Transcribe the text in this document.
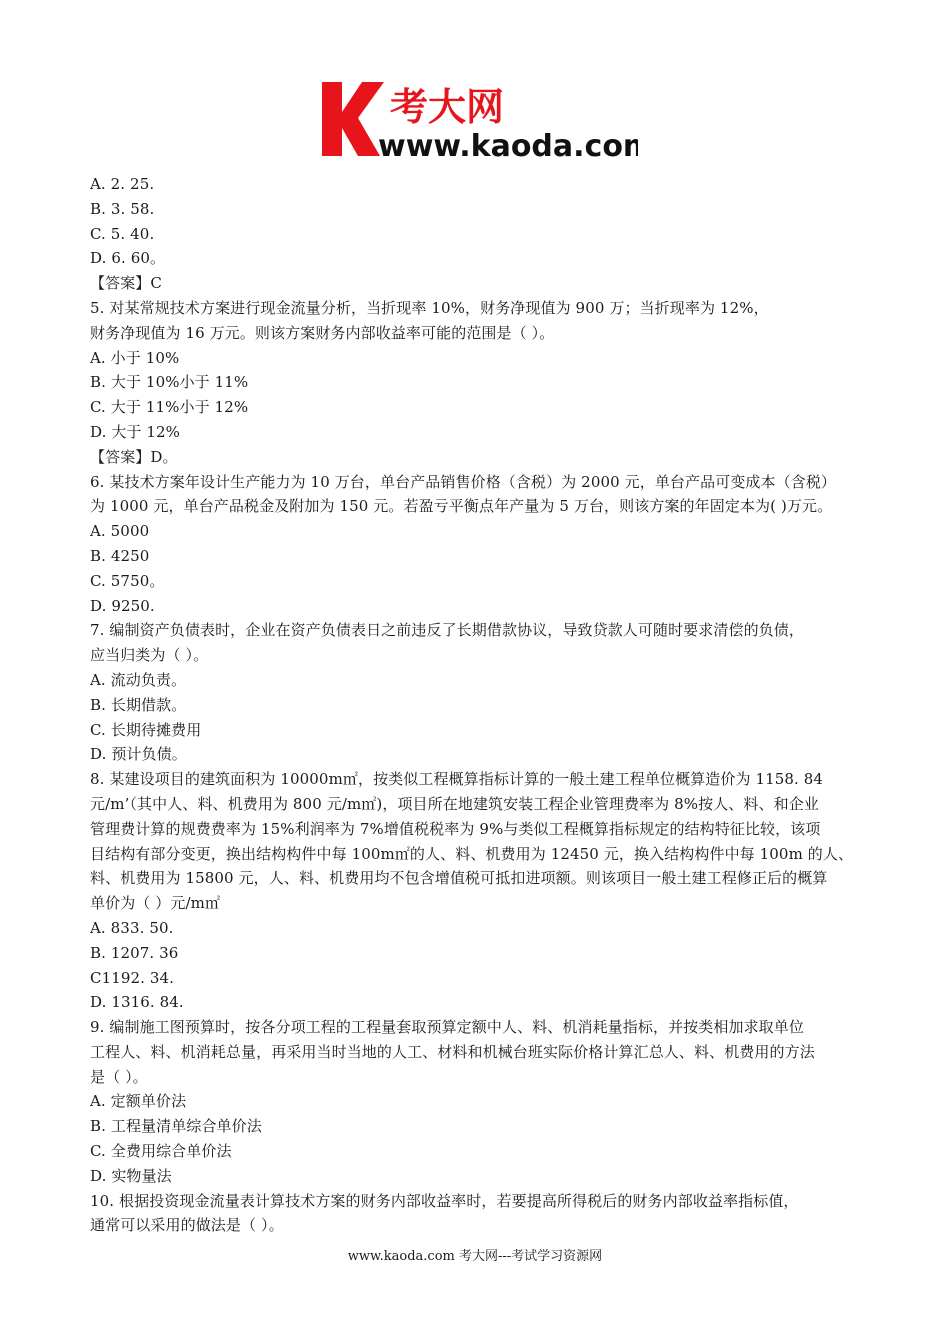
考大网
www.kaoda.com
A. 2. 25.
B. 3. 58.
C. 5. 40.
D. 6. 60。
【答案】C
5. 对某常规技术方案进行现金流量分析，当折现率 10%，财务净现值为 900 万；当折现率为 12%，
财务净现值为 16 万元。则该方案财务内部收益率可能的范围是（ ）。
A. 小于 10%
B. 大于 10%小于 11%
C. 大于 11%小于 12%
D. 大于 12%
【答案】D。
6. 某技术方案年设计生产能力为 10 万台，单台产品销售价格（含税）为 2000 元，单台产品可变成本（含税）
为 1000 元，单台产品税金及附加为 150 元。若盈亏平衡点年产量为 5 万台，则该方案的年固定本为( )万元。
A. 5000
B. 4250
C. 5750。
D. 9250.
7. 编制资产负债表时，企业在资产负债表日之前违反了长期借款协议，导致贷款人可随时要求清偿的负债，
应当归类为（ ）。
A. 流动负责。
B. 长期借款。
C. 长期待摊费用
D. 预计负债。
8. 某建设项目的建筑面积为 10000m㎡，按类似工程概算指标计算的一般土建工程单位概算造价为 1158. 84
元/m’（其中人、料、机费用为 800 元/m㎡)，项目所在地建筑安装工程企业管理费率为 8%按人、料、和企业
管理费计算的规费费率为 15%利润率为 7%增值税税率为 9%与类似工程概算指标规定的结构特征比较，该项
目结构有部分变更，换出结构构件中每 100m㎡的人、料、机费用为 12450 元，换入结构构件中每 100m 的人、
料、机费用为 15800 元，人、料、机费用均不包含增值税可抵扣进项额。则该项目一般土建工程修正后的概算
单价为（ ）元/m㎡
A. 833. 50.
B. 1207. 36
C1192. 34.
D. 1316. 84.
9. 编制施工图预算时，按各分项工程的工程量套取预算定额中人、料、机消耗量指标，并按类相加求取单位
工程人、料、机消耗总量，再采用当时当地的人工、材料和机械台班实际价格计算汇总人、料、机费用的方法
是（ ）。
A. 定额单价法
B. 工程量清单综合单价法
C. 全费用综合单价法
D. 实物量法
10. 根据投资现金流量表计算技术方案的财务内部收益率时，若要提高所得税后的财务内部收益率指标值，
通常可以采用的做法是（ ）。
www.kaoda.com 考大网---考试学习资源网
